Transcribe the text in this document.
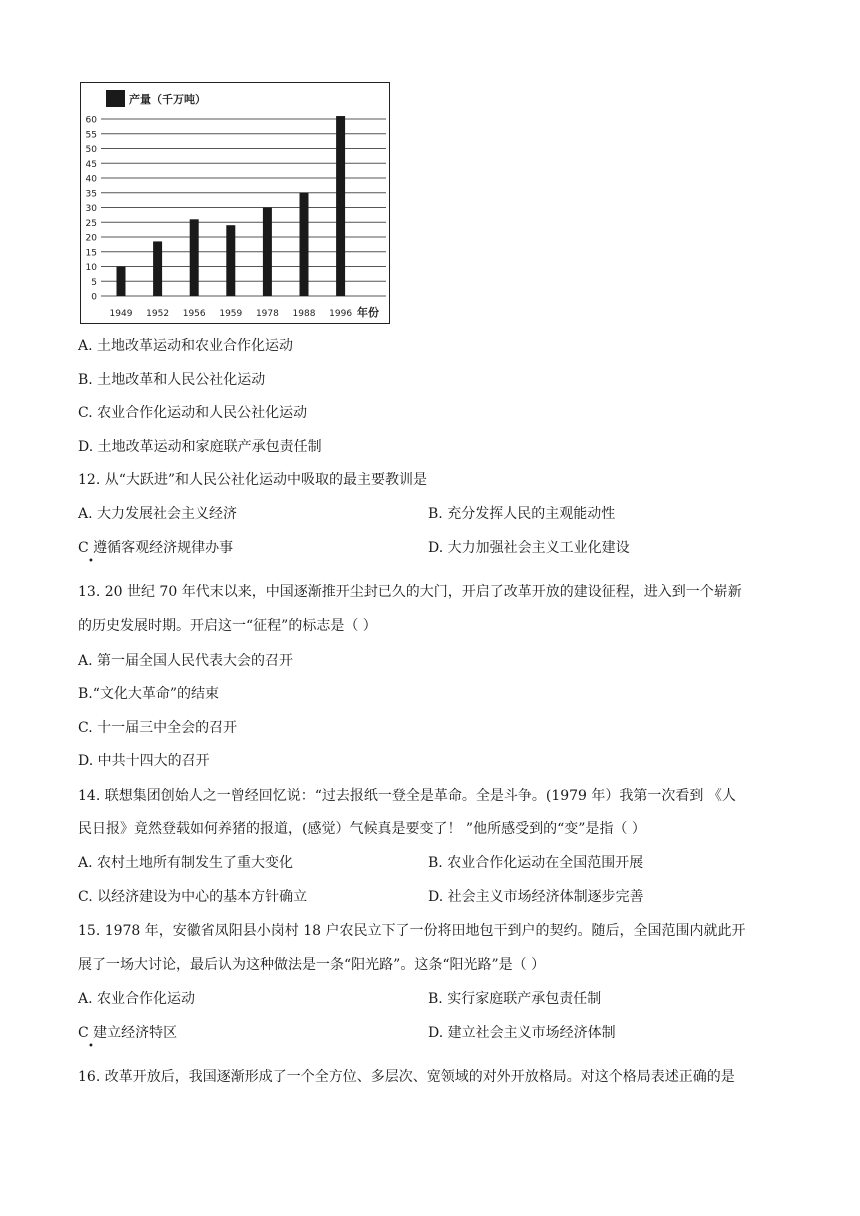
产量（千万吨）
0
5
10
15
20
25
30
35
40
45
50
55
60
1949 1952 1956 1959 1978 1988 1996 年份
A. 土地改革运动和农业合作化运动
B. 土地改革和人民公社化运动
C. 农业合作化运动和人民公社化运动
D. 土地改革运动和家庭联产承包责任制
12. 从“大跃进”和人民公社化运动中吸取的最主要教训是
A. 大力发展社会主义经济	B. 充分发挥人民的主观能动性
C 遵循客观经济规律办事
•
D. 大力加强社会主义工业化建设
13. 20 世纪 70 年代末以来，中国逐渐推开尘封已久的大门，开启了改革开放的建设征程，进入到一个崭新
的历史发展时期。开启这一“征程”的标志是（ ）
A. 第一届全国人民代表大会的召开
B.“文化大革命”的结束
C. 十一届三中全会的召开
D. 中共十四大的召开
14. 联想集团创始人之一曾经回忆说：“过去报纸一登全是革命。全是斗争。(1979 年）我第一次看到 《人
民日报》竟然登载如何养猪的报道，(感觉）气候真是要变了！ ”他所感受到的“变”是指（ ）
A. 农村土地所有制发生了重大变化	B. 农业合作化运动在全国范围开展
C. 以经济建设为中心的基本方针确立	D. 社会主义市场经济体制逐步完善
15. 1978 年，安徽省凤阳县小岗村 18 户农民立下了一份将田地包干到户的契约。随后，全国范围内就此开
展了一场大讨论，最后认为这种做法是一条“阳光路”。这条“阳光路”是（ ）
A. 农业合作化运动	B. 实行家庭联产承包责任制
C 建立经济特区
•
D. 建立社会主义市场经济体制
16. 改革开放后，我国逐渐形成了一个全方位、多层次、宽领域的对外开放格局。对这个格局表述正确的是
